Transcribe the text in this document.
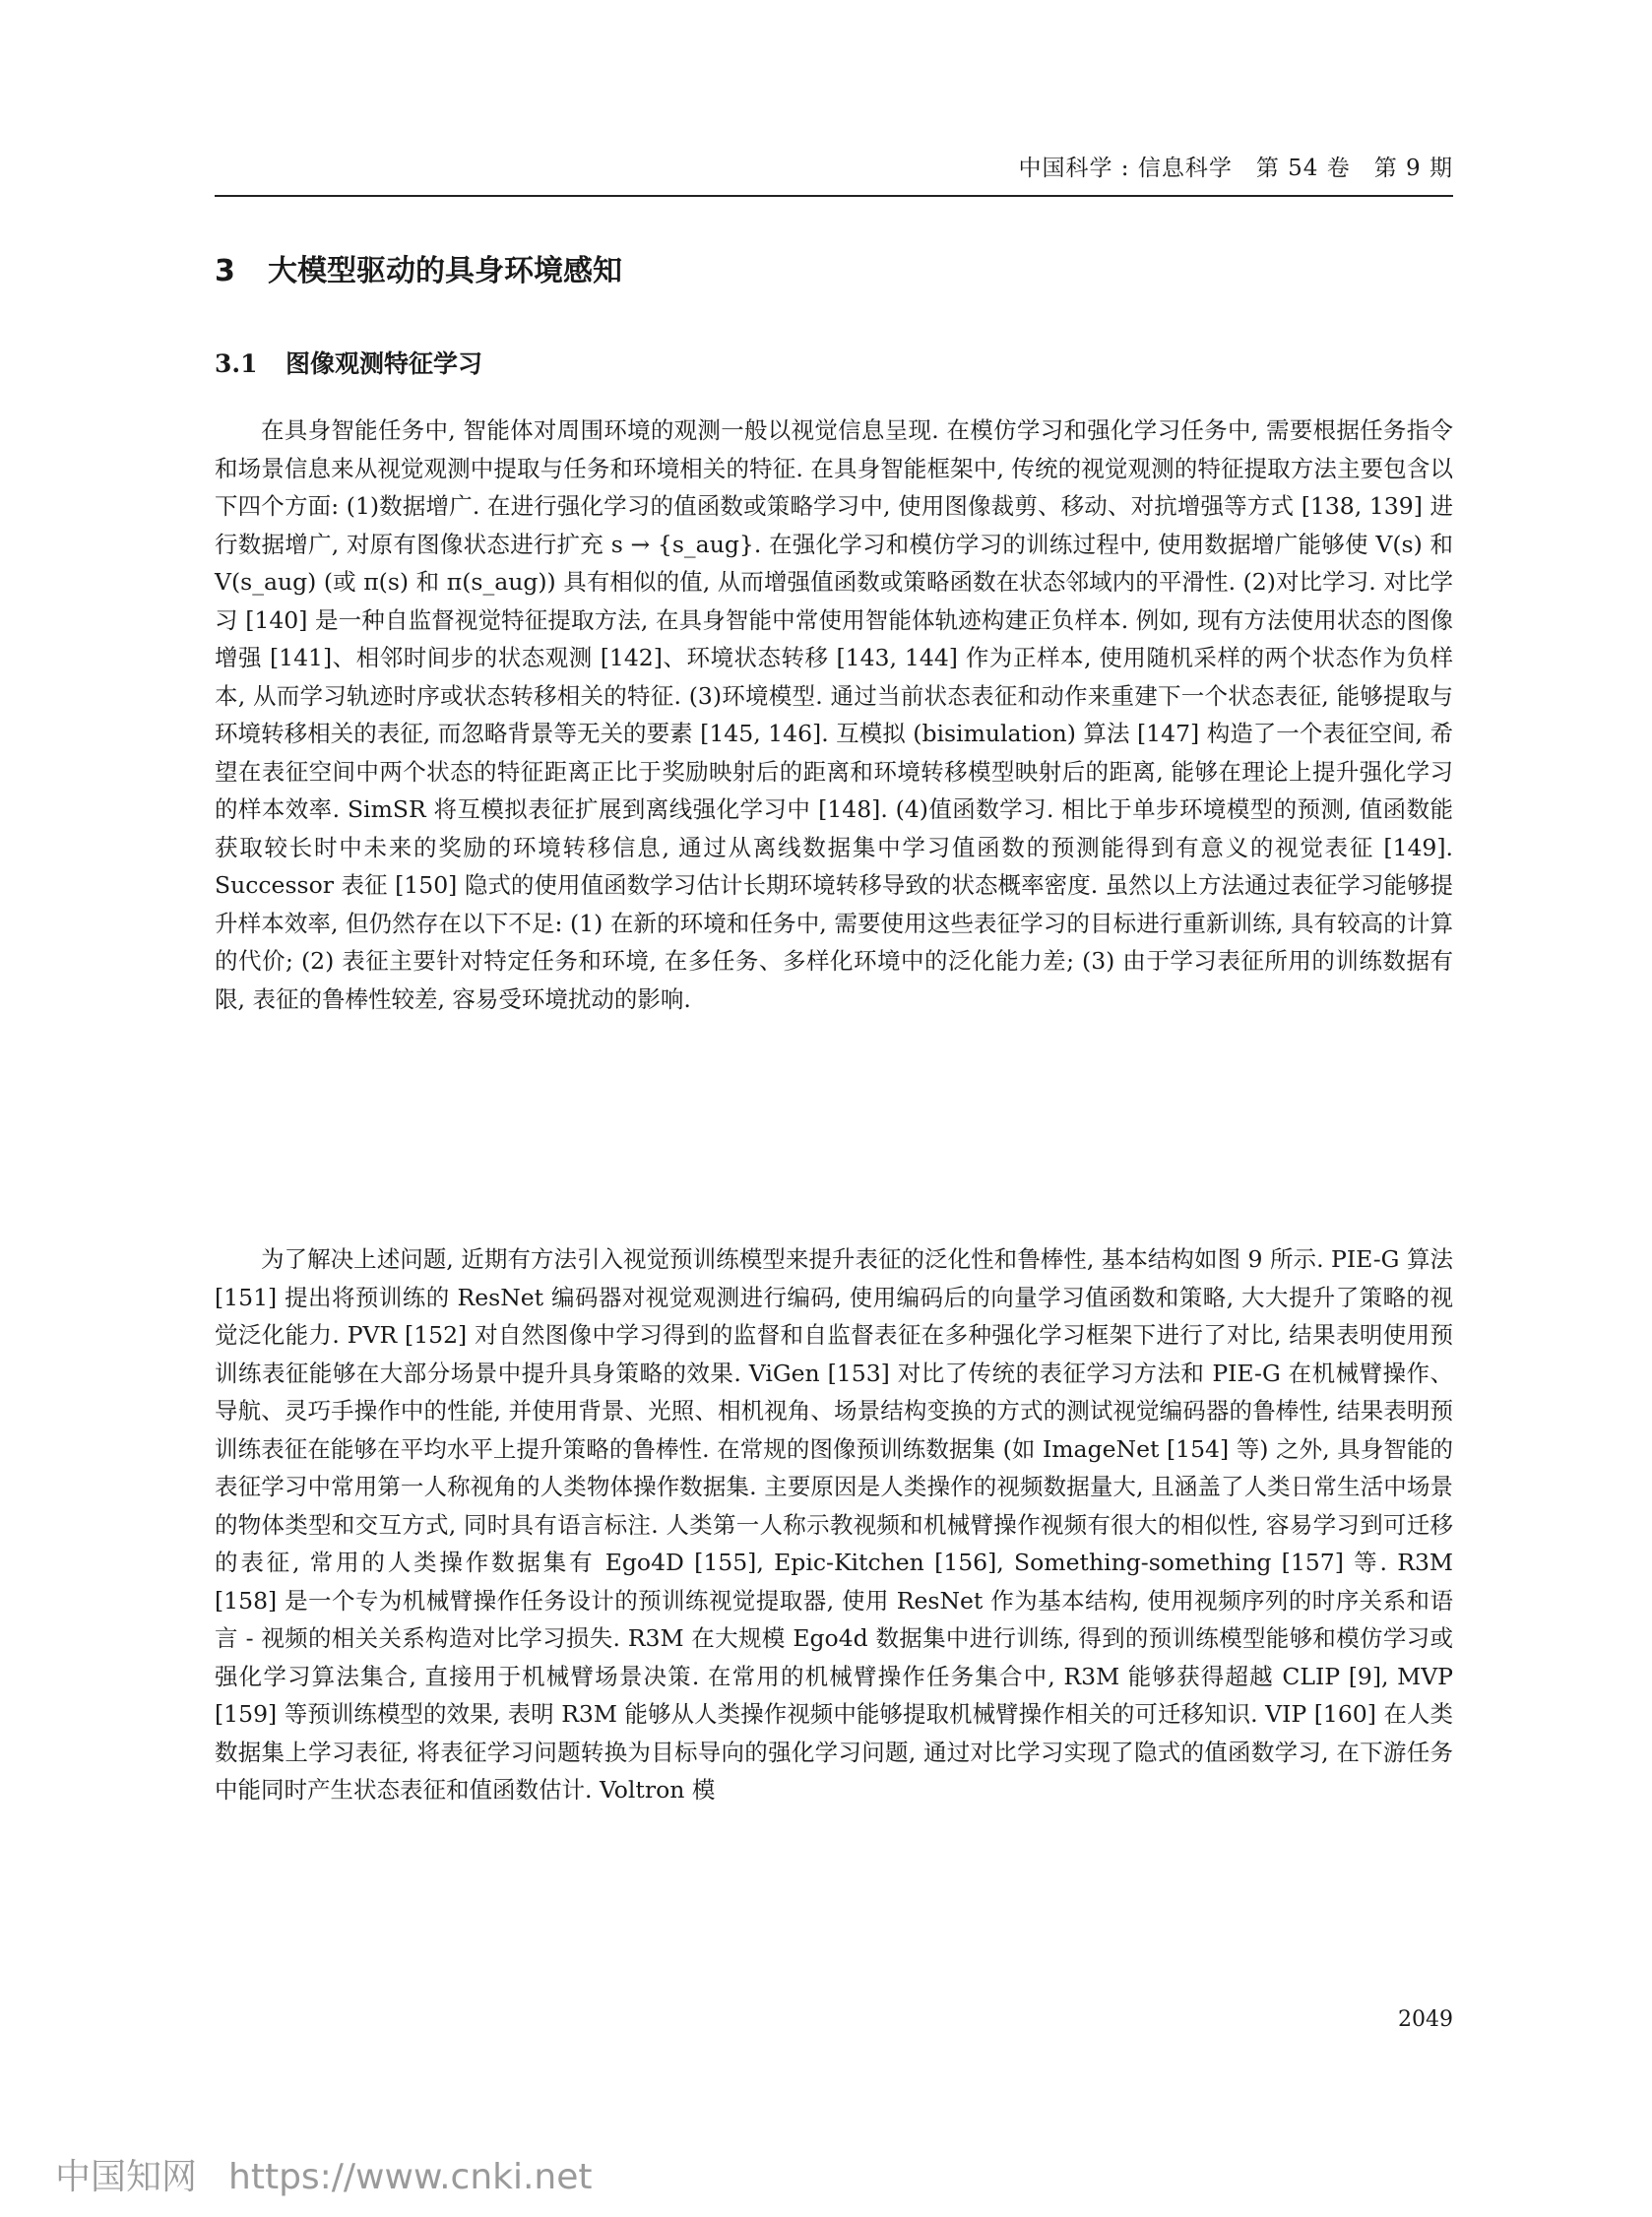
中国科学 : 信息科学　第 54 卷　第 9 期
3 大模型驱动的具身环境感知
3.1 图像观测特征学习

在具身智能任务中, 智能体对周围环境的观测一般以视觉信息呈现. 在模仿学习和强化学习任务中, 需要根据任务指令和场景信息来从视觉观测中提取与任务和环境相关的特征. 在具身智能框架中, 传统的视觉观测的特征提取方法主要包含以下四个方面: (1)数据增广. 在进行强化学习的值函数或策略学习中, 使用图像裁剪、移动、对抗增强等方式 [138, 139] 进行数据增广, 对原有图像状态进行扩充 s → {s_aug}. 在强化学习和模仿学习的训练过程中, 使用数据增广能够使 V(s) 和 V(s_aug) (或 π(s) 和 π(s_aug)) 具有相似的值, 从而增强值函数或策略函数在状态邻域内的平滑性. (2)对比学习. 对比学习 [140] 是一种自监督视觉特征提取方法, 在具身智能中常使用智能体轨迹构建正负样本. 例如, 现有方法使用状态的图像增强 [141]、相邻时间步的状态观测 [142]、环境状态转移 [143, 144] 作为正样本, 使用随机采样的两个状态作为负样本, 从而学习轨迹时序或状态转移相关的特征. (3)环境模型. 通过当前状态表征和动作来重建下一个状态表征, 能够提取与环境转移相关的表征, 而忽略背景等无关的要素 [145, 146]. 互模拟 (bisimulation) 算法 [147] 构造了一个表征空间, 希望在表征空间中两个状态的特征距离正比于奖励映射后的距离和环境转移模型映射后的距离, 能够在理论上提升强化学习的样本效率. SimSR 将互模拟表征扩展到离线强化学习中 [148]. (4)值函数学习. 相比于单步环境模型的预测, 值函数能获取较长时中未来的奖励的环境转移信息, 通过从离线数据集中学习值函数的预测能得到有意义的视觉表征 [149]. Successor 表征 [150] 隐式的使用值函数学习估计长期环境转移导致的状态概率密度. 虽然以上方法通过表征学习能够提升样本效率, 但仍然存在以下不足: (1) 在新的环境和任务中, 需要使用这些表征学习的目标进行重新训练, 具有较高的计算的代价; (2) 表征主要针对特定任务和环境, 在多任务、多样化环境中的泛化能力差; (3) 由于学习表征所用的训练数据有限, 表征的鲁棒性较差, 容易受环境扰动的影响.

为了解决上述问题, 近期有方法引入视觉预训练模型来提升表征的泛化性和鲁棒性, 基本结构如图 9 所示. PIE-G 算法 [151] 提出将预训练的 ResNet 编码器对视觉观测进行编码, 使用编码后的向量学习值函数和策略, 大大提升了策略的视觉泛化能力. PVR [152] 对自然图像中学习得到的监督和自监督表征在多种强化学习框架下进行了对比, 结果表明使用预训练表征能够在大部分场景中提升具身策略的效果. ViGen [153] 对比了传统的表征学习方法和 PIE-G 在机械臂操作、导航、灵巧手操作中的性能, 并使用背景、光照、相机视角、场景结构变换的方式的测试视觉编码器的鲁棒性, 结果表明预训练表征在能够在平均水平上提升策略的鲁棒性. 在常规的图像预训练数据集 (如 ImageNet [154] 等) 之外, 具身智能的表征学习中常用第一人称视角的人类物体操作数据集. 主要原因是人类操作的视频数据量大, 且涵盖了人类日常生活中场景的物体类型和交互方式, 同时具有语言标注. 人类第一人称示教视频和机械臂操作视频有很大的相似性, 容易学习到可迁移的表征, 常用的人类操作数据集有 Ego4D [155], Epic-Kitchen [156], Something-something [157] 等. R3M [158] 是一个专为机械臂操作任务设计的预训练视觉提取器, 使用 ResNet 作为基本结构, 使用视频序列的时序关系和语言 - 视频的相关关系构造对比学习损失. R3M 在大规模 Ego4d 数据集中进行训练, 得到的预训练模型能够和模仿学习或强化学习算法集合, 直接用于机械臂场景决策. 在常用的机械臂操作任务集合中, R3M 能够获得超越 CLIP [9], MVP [159] 等预训练模型的效果, 表明 R3M 能够从人类操作视频中能够提取机械臂操作相关的可迁移知识. VIP [160] 在人类数据集上学习表征, 将表征学习问题转换为目标导向的强化学习问题, 通过对比学习实现了隐式的值函数学习, 在下游任务中能同时产生状态表征和值函数估计. Voltron 模

2049
中国知网 https://www.cnki.net
